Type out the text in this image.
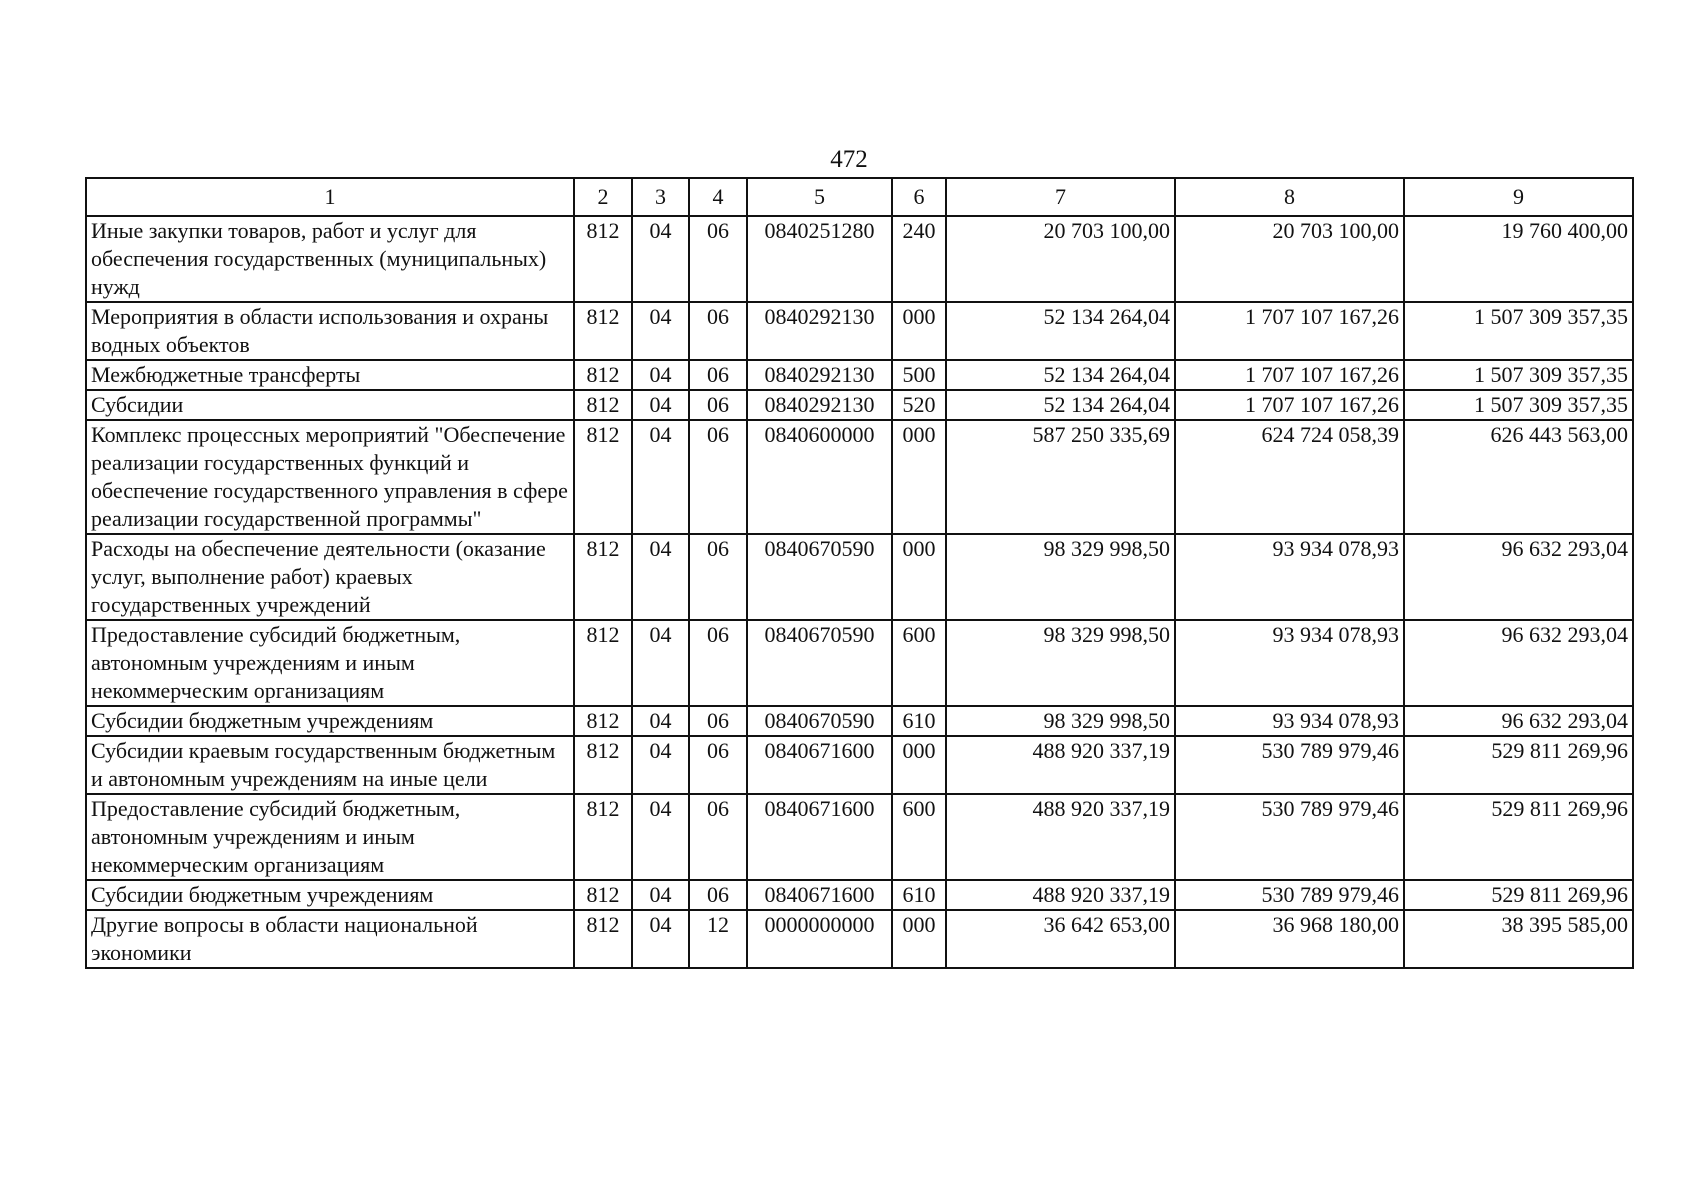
472
1	2	3	4	5	6	7	8	9
Иные закупки товаров, работ и услуг для обеспечения государственных (муниципальных) нужд	812	04	06	0840251280	240	20 703 100,00	20 703 100,00	19 760 400,00
Мероприятия в области использования и охраны водных объектов	812	04	06	0840292130	000	52 134 264,04	1 707 107 167,26	1 507 309 357,35
Межбюджетные трансферты	812	04	06	0840292130	500	52 134 264,04	1 707 107 167,26	1 507 309 357,35
Субсидии	812	04	06	0840292130	520	52 134 264,04	1 707 107 167,26	1 507 309 357,35
Комплекс процессных мероприятий "Обеспечение реализации государственных функций и обеспечение государственного управления в сфере реализации государственной программы"	812	04	06	0840600000	000	587 250 335,69	624 724 058,39	626 443 563,00
Расходы на обеспечение деятельности (оказание услуг, выполнение работ) краевых государственных учреждений	812	04	06	0840670590	000	98 329 998,50	93 934 078,93	96 632 293,04
Предоставление субсидий бюджетным, автономным учреждениям и иным некоммерческим организациям	812	04	06	0840670590	600	98 329 998,50	93 934 078,93	96 632 293,04
Субсидии бюджетным учреждениям	812	04	06	0840670590	610	98 329 998,50	93 934 078,93	96 632 293,04
Субсидии краевым государственным бюджетным и автономным учреждениям на иные цели	812	04	06	0840671600	000	488 920 337,19	530 789 979,46	529 811 269,96
Предоставление субсидий бюджетным, автономным учреждениям и иным некоммерческим организациям	812	04	06	0840671600	600	488 920 337,19	530 789 979,46	529 811 269,96
Субсидии бюджетным учреждениям	812	04	06	0840671600	610	488 920 337,19	530 789 979,46	529 811 269,96
Другие вопросы в области национальной экономики	812	04	12	0000000000	000	36 642 653,00	36 968 180,00	38 395 585,00
